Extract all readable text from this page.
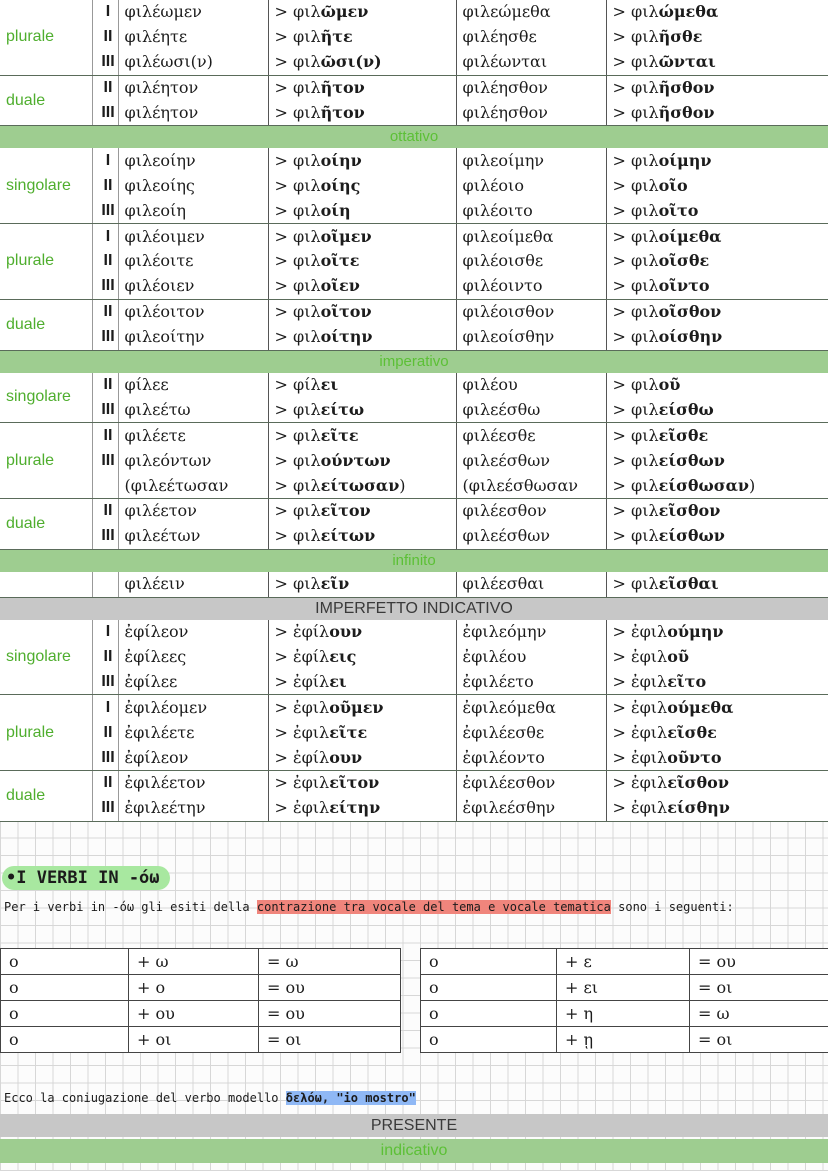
plurale	I	φιλέωμεν	> φιλῶμεν	φιλεώμεθα	> φιλώμεθα
	II	φιλέητε	> φιλῆτε	φιλέησθε	> φιλῆσθε
	III	φιλέωσι(ν)	> φιλῶσι(ν)	φιλέωνται	> φιλῶνται
duale	II	φιλέητον	> φιλῆτον	φιλέησθον	> φιλῆσθον
	III	φιλέητον	> φιλῆτον	φιλέησθον	> φιλῆσθον
ottativo					
singolare	I	φιλεοίην	> φιλοίην	φιλεοίμην	> φιλοίμην
	II	φιλεοίης	> φιλοίης	φιλέοιο	> φιλοῖο
	III	φιλεοίη	> φιλοίη	φιλέοιτο	> φιλοῖτο
plurale	I	φιλέοιμεν	> φιλοῖμεν	φιλεοίμεθα	> φιλοίμεθα
	II	φιλέοιτε	> φιλοῖτε	φιλέοισθε	> φιλοῖσθε
	III	φιλέοιεν	> φιλοῖεν	φιλέοιντο	> φιλοῖντο
duale	II	φιλέοιτον	> φιλοῖτον	φιλέοισθον	> φιλοῖσθον
	III	φιλεοίτην	> φιλοίτην	φιλεοίσθην	> φιλοίσθην
imperativo					
singolare	II	φίλεε	> φίλει	φιλέου	> φιλοῦ
	III	φιλεέτω	> φιλείτω	φιλεέσθω	> φιλείσθω
plurale	II	φιλέετε	> φιλεῖτε	φιλέεσθε	> φιλεῖσθε
	III	φιλεόντων	> φιλούντων	φιλεέσθων	> φιλείσθων
		(φιλεέτωσαν	> φιλείτωσαν)	(φιλεέσθωσαν	> φιλείσθωσαν)
duale	II	φιλέετον	> φιλεῖτον	φιλέεσθον	> φιλεῖσθον
	III	φιλεέτων	> φιλείτων	φιλεέσθων	> φιλείσθων
infinito					
		φιλέειν	> φιλεῖν	φιλέεσθαι	> φιλεῖσθαι
IMPERFETTO INDICATIVO					
singolare	I	ἐφίλεον	> ἐφίλουν	ἐφιλεόμην	> ἐφιλούμην
	II	ἐφίλεες	> ἐφίλεις	ἐφιλέου	> ἐφιλοῦ
	III	ἐφίλεε	> ἐφίλει	ἐφιλέετο	> ἐφιλεῖτο
plurale	I	ἐφιλέομεν	> ἐφιλοῦμεν	ἐφιλεόμεθα	> ἐφιλούμεθα
	II	ἐφιλέετε	> ἐφιλεῖτε	ἐφιλέεσθε	> ἐφιλεῖσθε
	III	ἐφίλεον	> ἐφίλουν	ἐφιλέοντο	> ἐφιλοῦντο
duale	II	ἐφιλέετον	> ἐφιλεῖτον	ἐφιλέεσθον	> ἐφιλεῖσθον
	III	ἐφιλεέτην	> ἐφιλείτην	ἐφιλεέσθην	> ἐφιλείσθην
•I VERBI IN -όω
Per i verbi in -όω gli esiti della contrazione tra vocale del tema e vocale tematica sono i seguenti:
ο	+ ω	= ω
ο	+ ο	= ου
ο	+ ου	= ου
ο	+ οι	= οι
ο	+ ε	= ου
ο	+ ει	= οι
ο	+ η	= ω
ο	+ ῃ	= οι
Ecco la coniugazione del verbo modello δελόω, "io mostro"
PRESENTE
indicativo
